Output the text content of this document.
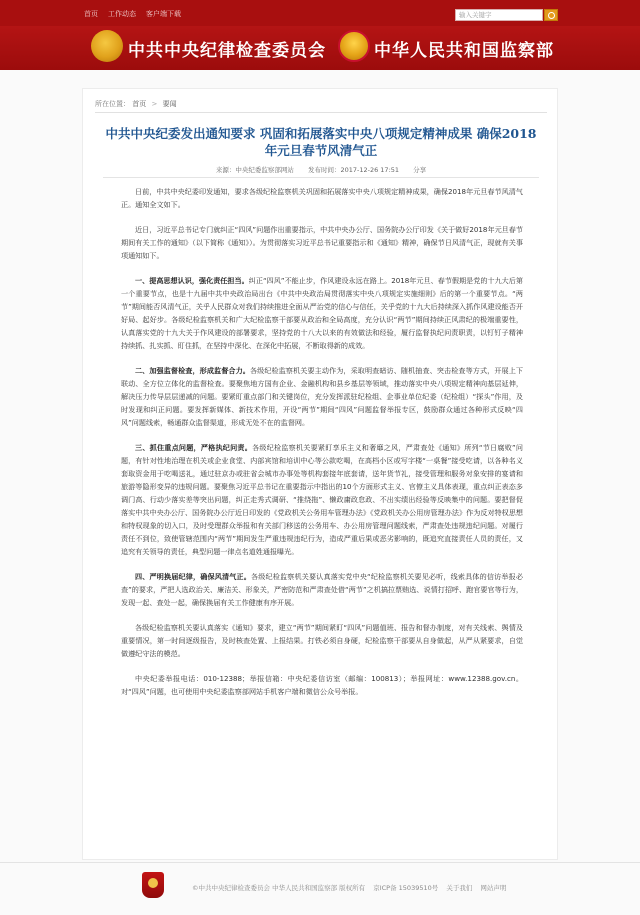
首页 工作动态 客户端下载	输入关键字
中共中央纪律检查委员会	中华人民共和国监察部
所在位置： 首页 > 要闻
中共中央纪委发出通知要求 巩固和拓展落实中央八项规定精神成果 确保2018年元旦春节风清气正
来源：中央纪委监察部网站 发布时间：2017-12-26 17:51 分享

日前，中共中央纪委印发通知，要求各级纪检监察机关巩固和拓展落实中央八项规定精神成果，确保2018年元旦春节风清气正。通知全文如下。

近日，习近平总书记专门就纠正“四风”问题作出重要指示，中共中央办公厅、国务院办公厅印发《关于做好2018年元旦春节期间有关工作的通知》（以下简称《通知》）。为贯彻落实习近平总书记重要指示和《通知》精神，确保节日风清气正，现就有关事项通知如下。

一、提高思想认识，强化责任担当。纠正“四风”不能止步，作风建设永远在路上。2018年元旦、春节假期是党的十九大后第一个重要节点，也是十九届中共中央政治局出台《中共中央政治局贯彻落实中央八项规定实施细则》后的第一个重要节点。“两节”期间能否风清气正，关乎人民群众对我们持续推进全面从严治党的信心与信任，关乎党的十九大后持续深入抓作风建设能否开好局、起好步。各级纪检监察机关和广大纪检监察干部要从政治和全局高度，充分认识“两节”期间持续正风肃纪的极端重要性，认真落实党的十九大关于作风建设的部署要求，坚持党的十八大以来的有效做法和经验，履行监督执纪问责职责，以钉钉子精神持续抓、扎实抓、盯住抓，在坚持中深化、在深化中拓展，不断取得新的成效。

二、加强监督检查，形成监督合力。各级纪检监察机关要主动作为，采取明查暗访、随机抽查、突击检查等方式，开展上下联动、全方位立体化的监督检查。要聚焦地方国有企业、金融机构和县乡基层等领域，推动落实中央八项规定精神向基层延伸，解决压力传导层层递减的问题。要紧盯重点部门和关键岗位，充分发挥派驻纪检组、企事业单位纪委（纪检组）“探头”作用，及时发现和纠正问题。要发挥新媒体、新技术作用，开设“两节”期间“四风”问题监督举报专区，鼓励群众通过各种形式反映“四风”问题线索，畅通群众监督渠道，形成无处不在的监督网。

三、抓住重点问题，严格执纪问责。各级纪检监察机关要紧盯享乐主义和奢靡之风，严肃查处《通知》所列“节日腐败”问题，有针对性地治理在机关或企业食堂、内部宾馆和培训中心等公款吃喝，在高档小区或写字楼“一桌餐”接受吃请，以各种名义套取资金用于吃喝送礼，通过驻京办或驻省会城市办事处等机构套接年底套请，送年货节礼，接受管理和服务对象安排的宴请和旅游等隐形变异的违规问题。要聚焦习近平总书记在重要指示中指出的10个方面形式主义、官僚主义具体表现，重点纠正表态多调门高、行动少落实差等突出问题，纠正走秀式调研、“推绕拖”、懒政庸政怠政、不出实绩出经验等反映集中的问题。要把督促落实中共中央办公厅、国务院办公厅近日印发的《党政机关公务用车管理办法》《党政机关办公用房管理办法》作为反对特权思想和特权现象的切入口，及时受理群众举报和有关部门移送的公务用车、办公用房管理问题线索，严肃查处违规违纪问题。对履行责任不到位，致使管辖范围内“两节”期间发生严重违规违纪行为，造成严重后果或恶劣影响的，既追究直接责任人员的责任，又追究有关领导的责任，典型问题一律点名道姓通报曝光。

四、严明换届纪律，确保风清气正。各级纪检监察机关要认真落实党中央“纪检监察机关要见必听，线索具体的信访举报必查”的要求，严把人选政治关、廉洁关、形象关，严密防范和严肃查处借“两节”之机搞拉票贿选、说情打招呼、跑官要官等行为，发现一起、查处一起，确保换届有关工作健康有序开展。

各级纪检监察机关要认真落实《通知》要求，建立“两节”期间紧盯“四风”问题值班、报告和督办制度，对有关线索、舆情及重要情况，第一时间逐级报告，及时核查处置、上报结果。打铁必须自身硬，纪检监察干部要从自身做起，从严从紧要求，自觉做遵纪守法的模范。

中央纪委举报电话：010-12388；举报信箱：中央纪委信访室（邮编：100813）；举报网址：www.12388.gov.cn。对“四风”问题，也可使用中央纪委监察部网站手机客户端和微信公众号举报。

©中共中央纪律检查委员会 中华人民共和国监察部 版权所有 京ICP备 15039510号 关于我们 网站声明
